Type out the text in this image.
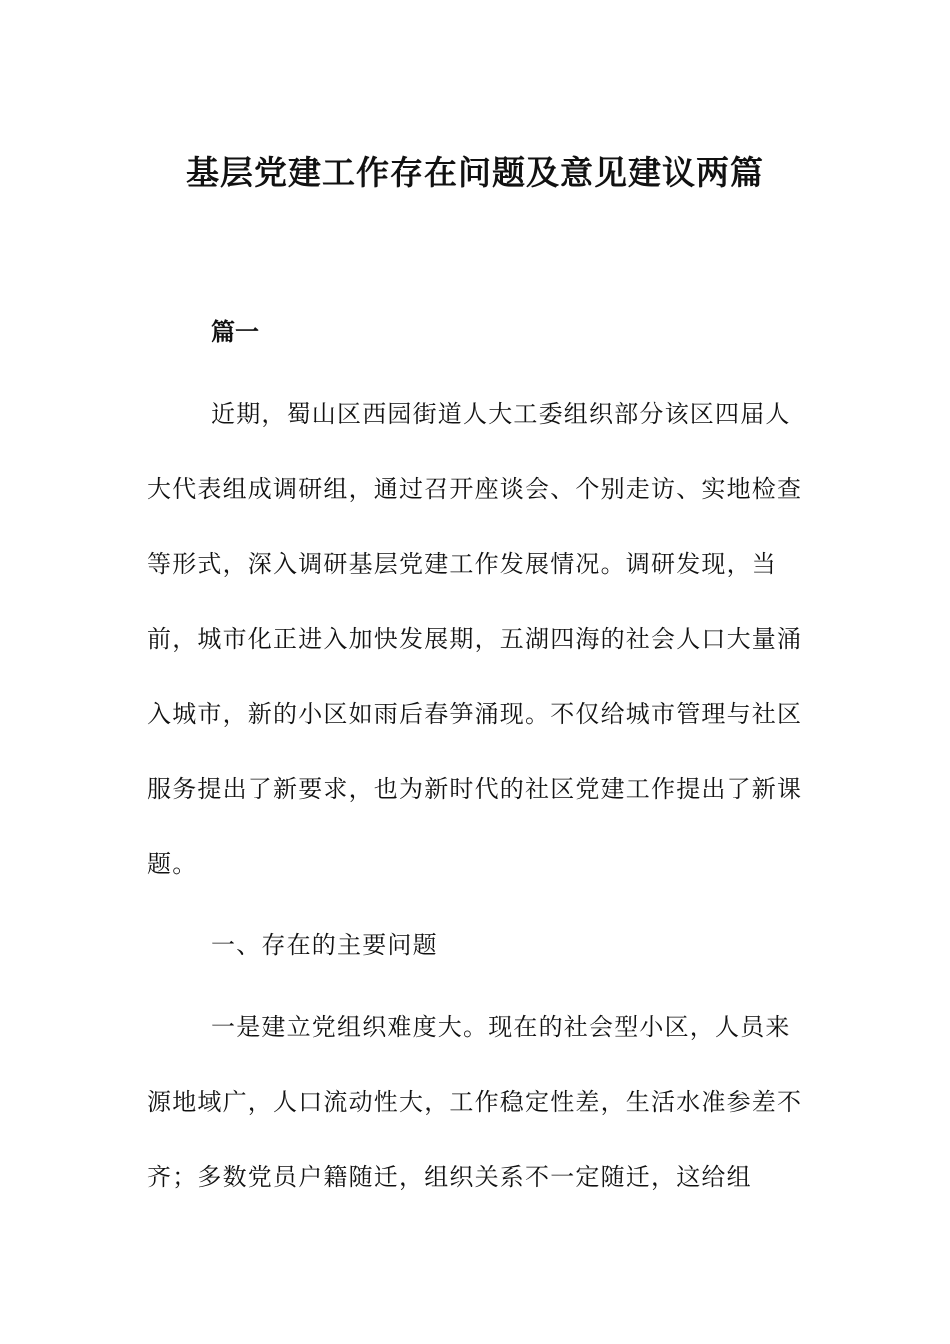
基层党建工作存在问题及意见建议两篇
篇一

近期，蜀山区西园街道人大工委组织部分该区四届人大代表组成调研组，通过召开座谈会、个别走访、实地检查等形式，深入调研基层党建工作发展情况。调研发现，当前，城市化正进入加快发展期，五湖四海的社会人口大量涌入城市，新的小区如雨后春笋涌现。不仅给城市管理与社区服务提出了新要求，也为新时代的社区党建工作提出了新课题。

一、存在的主要问题

一是建立党组织难度大。现在的社会型小区，人员来源地域广，人口流动性大，工作稳定性差，生活水准参差不齐；多数党员户籍随迁，组织关系不一定随迁，这给组
